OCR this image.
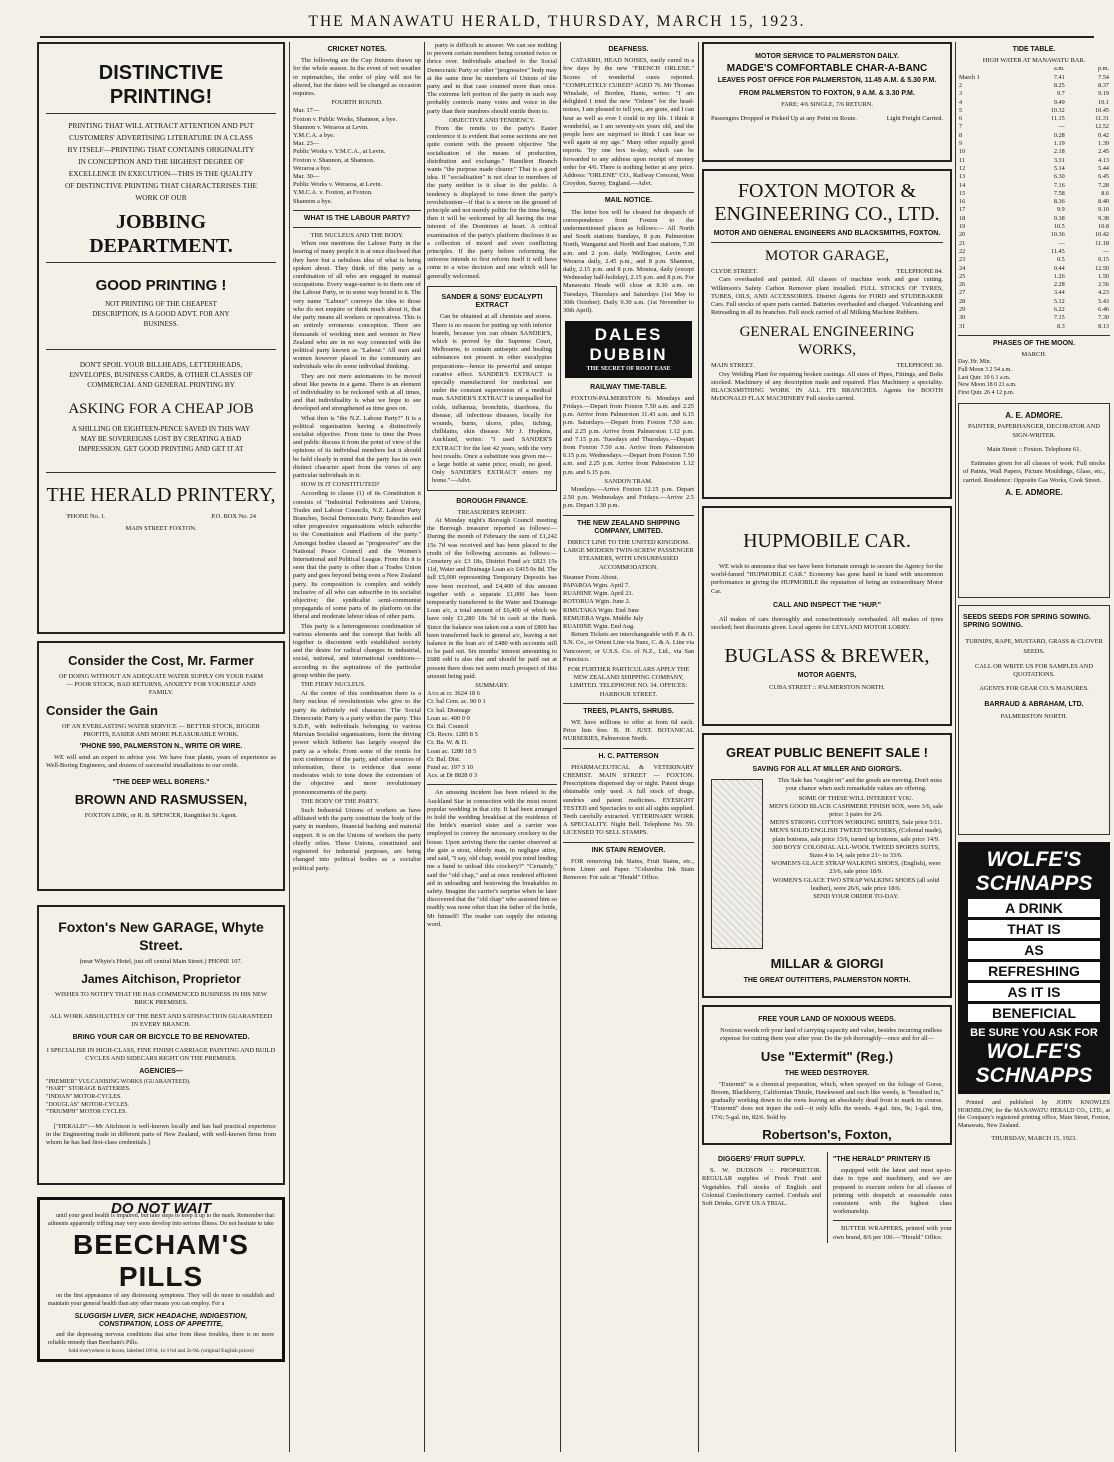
THE MANAWATU HERALD, THURSDAY, MARCH 15, 1923.
DISTINCTIVE PRINTING!
PRINTING THAT WILL ATTRACT ATTENTION AND PUT CUSTOMERS' ADVERTISING LITERATURE IN A CLASS BY ITSELF—PRINTING THAT CONTAINS ORIGINALITY IN CONCEPTION AND THE HIGHEST DEGREE OF EXCELLENCE IN EXECUTION—THIS IS THE QUALITY OF DISTINCTIVE PRINTING THAT CHARACTERISES THE WORK OF OUR
JOBBING DEPARTMENT.
GOOD PRINTING !
NOT PRINTING OF THE CHEAPEST DESCRIPTION, IS A GOOD ADVT. FOR ANY BUSINESS.
DON'T SPOIL YOUR BILLHEADS, LETTERHEADS, ENVELOPES, BUSINESS CARDS, & OTHER CLASSES OF COMMERCIAL AND GENERAL PRINTING BY
ASKING FOR A CHEAP JOB
A SHILLING OR EIGHTEEN-PENCE SAVED IN THIS WAY MAY BE SOVEREIGNS LOST BY CREATING A BAD IMPRESSION. GET GOOD PRINTING AND GET IT AT
THE HERALD PRINTERY,
'PHONE No. 1.	P.O. BOX No. 24
MAIN STREET FOXTON.
Consider the Cost, Mr. Farmer
OF DOING WITHOUT AN ADEQUATE WATER SUPPLY ON YOUR FARM — POOR STOCK, BAD RETURNS, ANXIETY FOR YOURSELF AND FAMILY.
Consider the Gain
OF AN EVERLASTING WATER SERVICE — BETTER STOCK, BIGGER PROFITS, EASIER AND MORE PLEASURABLE WORK.
'PHONE 590, PALMERSTON N., WRITE OR WIRE.

WE will send an expert to advise you. We have four plants, years of experience as Well-Boring Engineers, and dozens of successful installations to our credit.

"THE DEEP WELL BORERS."
BROWN AND RASMUSSEN,
FOXTON LINK, or R. B. SPENCER, Rangitikei St. Agent.
Foxton's New GARAGE, Whyte Street.
(near Whyte's Hotel, just off central Main Street.) PHONE 107.
James Aitchison, Proprietor
WISHES TO NOTIFY THAT HE HAS COMMENCED BUSINESS IN HIS NEW BRICK PREMISES.
ALL WORK ABSOLUTELY OF THE BEST AND SATISFACTION GUARANTEED IN EVERY BRANCH.
BRING YOUR CAR OR BICYCLE TO BE RENOVATED.
I SPECIALISE IN HIGH-CLASS, FINE FINISH CARRIAGE PAINTING AND BUILD CYCLES AND SIDECARS RIGHT ON THE PREMISES.
AGENCIES—
"PREMIER" VULCANISING WORKS (GUARANTEED).
"HART" STORAGE BATTERIES.
"INDIAN" MOTOR-CYCLES.
"DOUGLAS" MOTOR-CYCLES.
"TRIUMPH" MOTOR CYCLES.

["HERALD":—Mr Aitchison is well-known locally and has had practical experience in the Engineering trade in different parts of New Zealand, with well-known firms from whom he has had first-class credentials.]

DO NOT WAIT

until your good health is impaired, but take steps to keep it up to the mark. Remember that ailments apparently trifling may very soon develop into serious illness. Do not hesitate to take

BEECHAM'S PILLS

on the first appearance of any distressing symptoms. They will do more to establish and maintain your general health than any other means you can employ. For a

SLUGGISH LIVER, SICK HEADACHE, INDIGESTION, CONSTIPATION, LOSS OF APPETITE,

and the depressing nervous conditions that arise from these troubles, there is no more reliable remedy than Beecham's Pills.

Sold everywhere in boxes, labelled 10½d, 1s-1½d and 2s-9d. (original English prices)
CRICKET NOTES.

The following are the Cup fixtures drawn up for the whole season. In the event of wet weather or reptmatches, the order of play will not be altered, but the dates will be changed as occasion requires.

FOURTH ROUND.
Mar. 17—
Foxton v. Public Works, Shannon, a bye.
Shannon v. Weraroa at Levin.
Y.M.C.A. a bye.
Mar. 23—
Public Works v. Y.M.C.A., at Levin.
Foxton v. Shannon, at Shannon.
Weraroa a bye.
Mar. 30—
Public Works v. Weraroa, at Levin.
Y.M.C.A. v. Foxton, at Foxton.
Shannon a bye.
WHAT IS THE LABOUR PARTY?
THE NUCLEUS AND THE BODY.

When one mentions the Labour Party in the hearing of many people it is at once disclosed that they have but a nebulous idea of what is being spoken about. They think of this party as a combination of all who are engaged in manual occupations. Every wage-earner is to them one of the Labour Party, or in some way bound to it. The very name "Labour" conveys the idea to those who do not enquire or think much about it, that the party means all workers or operatives. This is an entirely erroneous conception. There are thousands of working men and women in New Zealand who are in no way connected with the political party known as "Labour." All men and women however placed in the community are individuals who do some individual thinking.

They are not mere automatons to be moved about like pawns in a game. There is an element of individuality to be reckoned with at all times, and that individuality is what we hope to see developed and strengthened as time goes on.

What then is "the N.Z. Labour Party?" It is a political organisation having a distinctively socialist objective. From time to time the Press and public discuss it from the point of view of the opinions of its individual members but it should be held clearly in mind that the party has its own distinct character apart from the views of any particular individuals in it.

HOW IS IT CONSTITUTED?

According to clause (1) of its Constitution it consists of "Industrial Federations and Unions, Trades and Labour Councils, N.Z. Labour Party Branches, Social Democratic Party Branches and other progressive organisations which subscribe to the Constitution and Platform of the party." Amongst bodies classed as "progressive" are the National Peace Council and the Women's International and Political League. From this it is seen that the party is other than a Trades Union party and goes beyond being even a New Zealand party. Its composition is complex and widely inclusive of all who can subscribe to its socialist objective; the syndicalist semi-communist propaganda of some parts of its platform on the liberal and moderate labour ideas of other parts.

This party is a heterogeneous combination of various elements and the concept that holds all together is discontent with established society and the desire for radical changes in industrial, social, national, and international conditions—according to the aspirations of the particular group within the party.

THE FIERY NUCLEUS.

At the centre of this combination there is a fiery nucleus of revolutionists who give to the party its definitely red character. The Social Democratic Party is a party within the party. This S.D.P., with individuals belonging to various Marxian Socialist organisations, form the driving power which hitherto has largely swayed the party as a whole. From some of the remits for next conference of the party, and other sources of information, there is evidence that some moderates wish to tone down the extremism of the objective and more revolutionary pronouncements of the party.

THE BODY OF THE PARTY.

Such Industrial Unions of workers as have affiliated with the party constitute the body of the party in numbers, financial backing and material support. It is on the Unions of workers the party chiefly relies. These Unions, constituted and registered for industrial purposes, are being changed into political bodies as a socialist political party.

party is difficult to answer. We can see nothing to prevent certain members being counted twice or thrice over. Individuals attached to the Social Democratic Party or other "progressive" body may at the same time be members of Unions of the party and in that case counted more than once. The extreme left portion of the party in such way probably controls many votes and voice in the party than their numbers should entitle them to.

OBJECTIVE AND TENDENCY.

From the remits to the party's Easter conference it is evident that some sections are not quite content with the present objective "the socialisation of the means of production, distribution and exchange." Hamilton Branch wants "the purpose made clearer." That is a good idea. If "socialisation" is not clear to members of the party neither is it clear to the public. A tendency is displayed to tone down the party's revolutionism—if that is a move on the ground of principle and not merely politic for the time being, then it will be welcomed by all having the true interest of the Dominion at heart. A critical examination of the party's platform discloses it as a collection of mixed and even conflicting principles. If the party before reforming the universe intends to first reform itself it will have come to a wise decision and one which will be generally welcomed.

SANDER & SONS' EUCALYPTI EXTRACT

Can be obtained at all chemists and stores. There is no reason for putting up with inferior brands, because you can obtain SANDER'S, which is proved by the Supreme Court, Melbourne, to contain antiseptic and healing substances not present in other eucalyptus preparations—hence its powerful and unique curative effect. SANDER'S EXTRACT is specially manufactured for medicinal use under the constant supervision of a medical man. SANDER'S EXTRACT is unequalled for colds, influenza, bronchitis, diarrhoea, flu disease, all infectious diseases, locally for wounds, burns, ulcers, piles, itching, chilblains, skin disease. Mr J. Hopkins, Auckland, writes: "I used SANDER'S EXTRACT for the last 42 years, with the very best results. Once a substitute was given me—a large bottle at same price; result, no good. Only SANDER'S EXTRACT enters my home."—Advt.

BOROUGH FINANCE.
TREASURER'S REPORT.

At Monday night's Borough Council meeting the Borough treasurer reported as follows:—During the month of February the sum of £1,242 15s 7d was received and has been placed to the credit of the following accounts as follows:—Cemetery a/c £3 18s, District Fund a/c £823 15s 11d, Water and Drainage Loan a/c £415 0s 8d. The full £5,000 representing Temporary Deposits has now been received, and £4,400 of this amount together with a separate £1,000 has been temporarily transferred to the Water and Drainage Loan a/c, a total amount of £6,400 of which we have only £1,280 18s 5d in cash at the Bank. Since the balance was taken out a sum of £800 has been transferred back to general a/c, leaving a net balance in the loan a/c of £480 with accounts still to be paid out. Six months' interest amounting to £688 odd is also due and should be paid out at present there does not seem much prospect of this amount being paid.

SUMMARY.
A/cs at cr. 3624 18 6
Cr. bal Cem. ac. 90 0 1
Cr. bal. Drainage
Loan ac. 400 0 0
Cr. Bal. Council
Ch. Recrs. 1285 8 5
Cr. Ba. W. & D.
Loan ac. 1280 18 5
Cr. Bal. Dist.
Fund ac. 197 3 10
Acs. at Dr 8828 0 3

An amusing incident has been related to the Auckland Star in connection with the most recent popular wedding in that city. It had been arranged to hold the wedding breakfast at the residence of the bride's married sister and a carrier was employed to convey the necessary crockery to the house. Upon arriving there the carrier observed at the gate a stout, elderly man, in negligee attire, and said, "I say, old chap, would you mind lending me a hand to unload this crockery?" "Certainly," said the "old chap," and at once rendered efficient aid in unloading and bestowing the breakables in safety. Imagine the carrier's surprise when he later discovered that the "old chap" who assisted him so readily was none other than the father of the bride, Mr himself! The reader can supply the missing word.

DEAFNESS.

CATARRH, HEAD NOISES, easily cured in a few days by the new "FRENCH ORLENE." Scores of wonderful cures reported. "COMPLETELY CURED" AGED 76. Mr Thomas Winslade, of Borden, Hants, writes: "I am delighted I tried the new "Orlene" for the head-noises, I am pleased to tell you, are gone, and I can hear as well as ever I could in my life. I think it wonderful, as I am seventy-six years old, and the people here are surprised to think I can hear so well again at my age." Many other equally good reports. Try one box to-day, which can be forwarded to any address upon receipt of money order for 4/6. There is nothing better at any price. Address: "ORLENE" CO., Railway Crescent, West Croydon, Surrey, England.—Advt.

MAIL NOTICE.

The letter box will be cleared for despatch of correspondence from Foxton to the undermentioned places as follows:— All North and South stations Sundays, 8 p.m. Palmerston North, Wanganui and North and East stations, 7.30 a.m. and 2 p.m. daily. Wellington, Levin and Weraroa daily, 2.45 p.m., and 8 p.m. Shannon, daily, 2.15 p.m. and 8 p.m. Moutoa, daily (except Wednesday half-holiday), 2.15 p.m. and 8 p.m. For Manawatu Heads will close at 8.30 a.m. on Tuesdays, Thursdays and Saturdays (1st May to 30th October). Daily 9.30 a.m. (1st November to 30th April).

DALES DUBBIN
THE SECRET OF ROOT EASE
RAILWAY TIME-TABLE.

FOXTON-PALMERSTON N. Mondays and Fridays.—Depart from Foxton 7.50 a.m. and 2.25 p.m. Arrive from Palmerston 11.43 a.m. and 6.15 p.m. Saturdays.—Depart from Foxton 7.50 a.m. and 2.25 p.m. Arrive from Palmerston 1.12 p.m. and 7.15 p.m. Tuesdays and Thursdays.—Depart from Foxton 7.50 a.m. Arrive from Palmerston 6.15 p.m. Wednesdays.—Depart from Foxton 7.50 a.m. and 2.25 p.m. Arrive from Palmerston 1.12 p.m. and 6.15 p.m.

SANDON TRAM.

Mondays.—Arrive Foxton 12.15 p.m. Depart 2.50 p.m. Wednesdays and Fridays.—Arrive 2.5 p.m. Depart 3.30 p.m.

THE NEW ZEALAND SHIPPING COMPANY, LIMITED.
DIRECT LINE TO THE UNITED KINGDOM. LARGE MODERN TWIN-SCREW PASSENGER STEAMERS, WITH UNSURPASSED ACCOMMODATION.
Steamer From About.
PAPAROA Wgtn. April 7.
RUAHINE Wgtn. April 21.
ROTORUA Wgtn. June 2.
RIMUTAKA Wgtn. End June
REMUERA Wgtn. Middle July
RUAHINE Wgtn. End Aug.

Return Tickets are interchangeable with P. & O. S.N. Co., or Orient Line via Suez, C. & A. Line via Vancouver, or U.S.S. Co. of N.Z., Ltd., via San Francisco.

FOR FURTHER PARTICULARS APPLY THE NEW ZEALAND SHIPPING COMPANY, LIMITED. TELEPHONE NO. 34. OFFICES: HARBOUR STREET.
TREES, PLANTS, SHRUBS.

WE have millions to offer at from 6d each. Price lists free. B. H. JUST. BOTANICAL NURSERIES, Palmerston North.

H. C. PATTERSON

PHARMACEUTICAL & VETERINARY CHEMIST. MAIN STREET — FOXTON. Prescriptions dispensed day or night. Patent drugs obtainable only used. A full stock of drugs, sundries and patent medicines. EYESIGHT TESTED and Spectacles to suit all sights supplied. Teeth carefully extracted. VETERINARY WORK A SPECIALITY. Night Bell. Telephone No. 59. LICENSED TO SELL STAMPS.

INK STAIN REMOVER.

FOR removing Ink Stains, Fruit Stains, etc., from Linen and Paper. "Columbia Ink Stain Remover. For sale at "Herald" Office.

MOTOR SERVICE TO PALMERSTON DAILY.
MADGE'S COMFORTABLE CHAR-A-BANC
LEAVES POST OFFICE FOR PALMERSTON, 11.45 A.M. & 5.30 P.M.
FROM PALMERSTON TO FOXTON, 9 A.M. & 3.30 P.M.
FARE: 4/6 SINGLE, 7/6 RETURN.
Passengers Dropped or Picked Up at any Point on Route.	Light Freight Carried.
FOXTON MOTOR & ENGINEERING CO., LTD.
MOTOR AND GENERAL ENGINEERS AND BLACKSMITHS, FOXTON.
MOTOR GARAGE,
CLYDE STREET.	TELEPHONE 84.

Cars overhauled and painted. All classes of machine work and gear cutting. Wilkinson's Safety Carbon Remover plant installed. FULL STOCKS OF TYRES, TUBES, OILS, AND ACCESSORIES. District Agents for FORD and STUDEBAKER Cars. Full stocks of spare parts carried. Batteries overhauled and charged. Vulcanising and Retreading in all its branches. Full stock carried of all Milking Machine Rubbers.

GENERAL ENGINEERING WORKS,
MAIN STREET.	TELEPHONE 30.

Oxy Welding Plant for repairing broken castings. All sizes of Pipes, Fittings, and Bolts stocked. Machinery of any description made and repaired. Flax Machinery a speciality. BLACKSMITHING WORK IN ALL ITS BRANCHES. Agents for BOOTH McDONALD FLAX MACHINERY Full stocks carried.

HUPMOBILE CAR.

WE wish to announce that we have been fortunate enough to secure the Agency for the world-famed "HUPMOBILE CAR." Economy has gone hand in hand with uncommon performance in giving the HUPMOBILE the reputation of being an extraordinary Motor Car.

CALL AND INSPECT THE "HUP."

All makes of cars thoroughly and conscientiously overhauled. All makes of tyres stocked; best discounts given. Local agents for LEYLAND MOTOR LORRY.

BUGLASS & BREWER,
MOTOR AGENTS,
CUBA STREET :: PALMERSTON NORTH.
GREAT PUBLIC BENEFIT SALE !
SAVING FOR ALL AT MILLER AND GIORGI'S.

This Sale has "caught on" and the goods are moving. Don't miss your chance when such remarkable values are offering.

SOME OF THESE WILL INTEREST YOU.
MEN'S GOOD BLACK CASHMERE FINISH SOX, were 3/6, sale price: 3 pairs for 2/6.
MEN'S STRONG COTTON WORKING SHIRTS, Sale price 5/11.
MEN'S SOLID ENGLISH TWEED TROUSERS, (Colonial made), plain bottoms, sale price 13/6, turned up bottoms, sale price 14/9.
300 BOYS' COLONIAL ALL-WOOL TWEED SPORTS SUITS, Sizes 4 to 14, sale price 21/- to 33/6.
WOMEN'S GLACE STRAP WALKING SHOES, (English), were 23/6, sale price 18/9.
WOMEN'S GLACE TWO STRAP WALKING SHOES (all solid leather), were 26/6, sale price 18/6.
SEND YOUR ORDER TO-DAY.
MILLAR & GIORGI
THE GREAT OUTFITTERS, PALMERSTON NORTH.
FREE YOUR LAND OF NOXIOUS WEEDS.

Noxious weeds rob your land of carrying capacity and value, besides incurring endless expense for cutting them year after year. Do the job thoroughly—once and for all—

Use "Extermit" (Reg.)
THE WEED DESTROYER.

"Extermit" is a chemical preparation, which, when sprayed on the foliage of Gorse, Broom, Blackberry, Californian Thistle, Hawkweed and such like weeds, is "breathed in," gradually working down to the roots leaving an absolutely dead front to mark its course. "Extermit" does not injure the soil—it only kills the weeds. 4-gal. tins, 9s; 1-gal. tins, 17/6; 5-gal. tin, 82/6. Sold by

Robertson's, Foxton,

DIGGERS' FRUIT SUPPLY.

S. W. DUDSON :: PROPRIETOR. REGULAR supplies of Fresh Fruit and Vegetables. Full stocks of English and Colonial Confectionery carried. Cordials and Soft Drinks. GIVE US A TRIAL.

"THE HERALD" PRINTERY IS

equipped with the latest and most up-to-date in type and machinery, and we are prepared to execute orders for all classes of printing with despatch at reasonable rates consistent with the highest class workmanship.

BUTTER WRAPPERS, printed with your own brand, 8/6 per 100.—"Herald" Office.

TIDE TABLE.
HIGH WATER AT MANAWATU BAR.
	a.m.	p.m.
March 1	7.41	7.54
2	8.25	8.37
3	9.7	9.19
4	9.49	10.1
5	10.32	10.45
6	11.15	11.31
7	—	12.52
8	0.28	0.42
9	1.19	1.39
10	2.18	2.45
11	3.31	4.13
12	5.14	5.44
13	6.30	6.45
14	7.16	7.28
15	7.58	8.6
16	8.36	8.40
17	9.9	9.10
18	9.38	9.38
19	10.5	10.8
20	10.36	10.42
21	—	11.18
22	11.45	—
23	0.5	0.15
24	0.44	12.50
25	1.26	1.50
26	2.28	2.56
27	3.44	4.23
28	5.12	5.43
29	6.22	6.46
30	7.15	7.30
31	8.3	8.13
PHASES OF THE MOON.
MARCH.
Day. Hr. Min.
Full Moon 3 2 54 a.m.
Last Qutr. 10 6 1 a.m.
New Moon 18 0 21 a.m.
First Qutr. 26 4 12 p.m.
A. E. ADMORE.
PAINTER, PAPERHANGER, DECORATOR AND SIGN-WRITER.
Main Street :: Foxton. Telephone 61.

Estimates given for all classes of work. Full stocks of Paints, Wall Papers, Picture Mouldings, Glass, etc., carried. Residence: Opposite Gas Works, Cook Street.

A. E. ADMORE.
SEEDS SEEDS FOR SPRING SOWING. SPRING SOWING.
TURNIPS, RAPE, MUSTARD, GRASS & CLOVER SEEDS.
CALL OR WRITE US FOR SAMPLES AND QUOTATIONS.
AGENTS FOR GEAR CO.'S MANURES.
BARRAUD & ABRAHAM, LTD.
PALMERSTON NORTH.
WOLFE'S SCHNAPPS
A DRINK
THAT IS
AS
REFRESHING
AS IT IS
BENEFICIAL
BE SURE YOU ASK FOR
WOLFE'S SCHNAPPS

Printed and published by JOHN KNOWLES HORNBLOW, for the MANAWATU HERALD CO., LTD., at the Company's registered printing office, Main Street, Foxton, Manawatu, New Zealand.

THURSDAY, MARCH 15, 1923.
